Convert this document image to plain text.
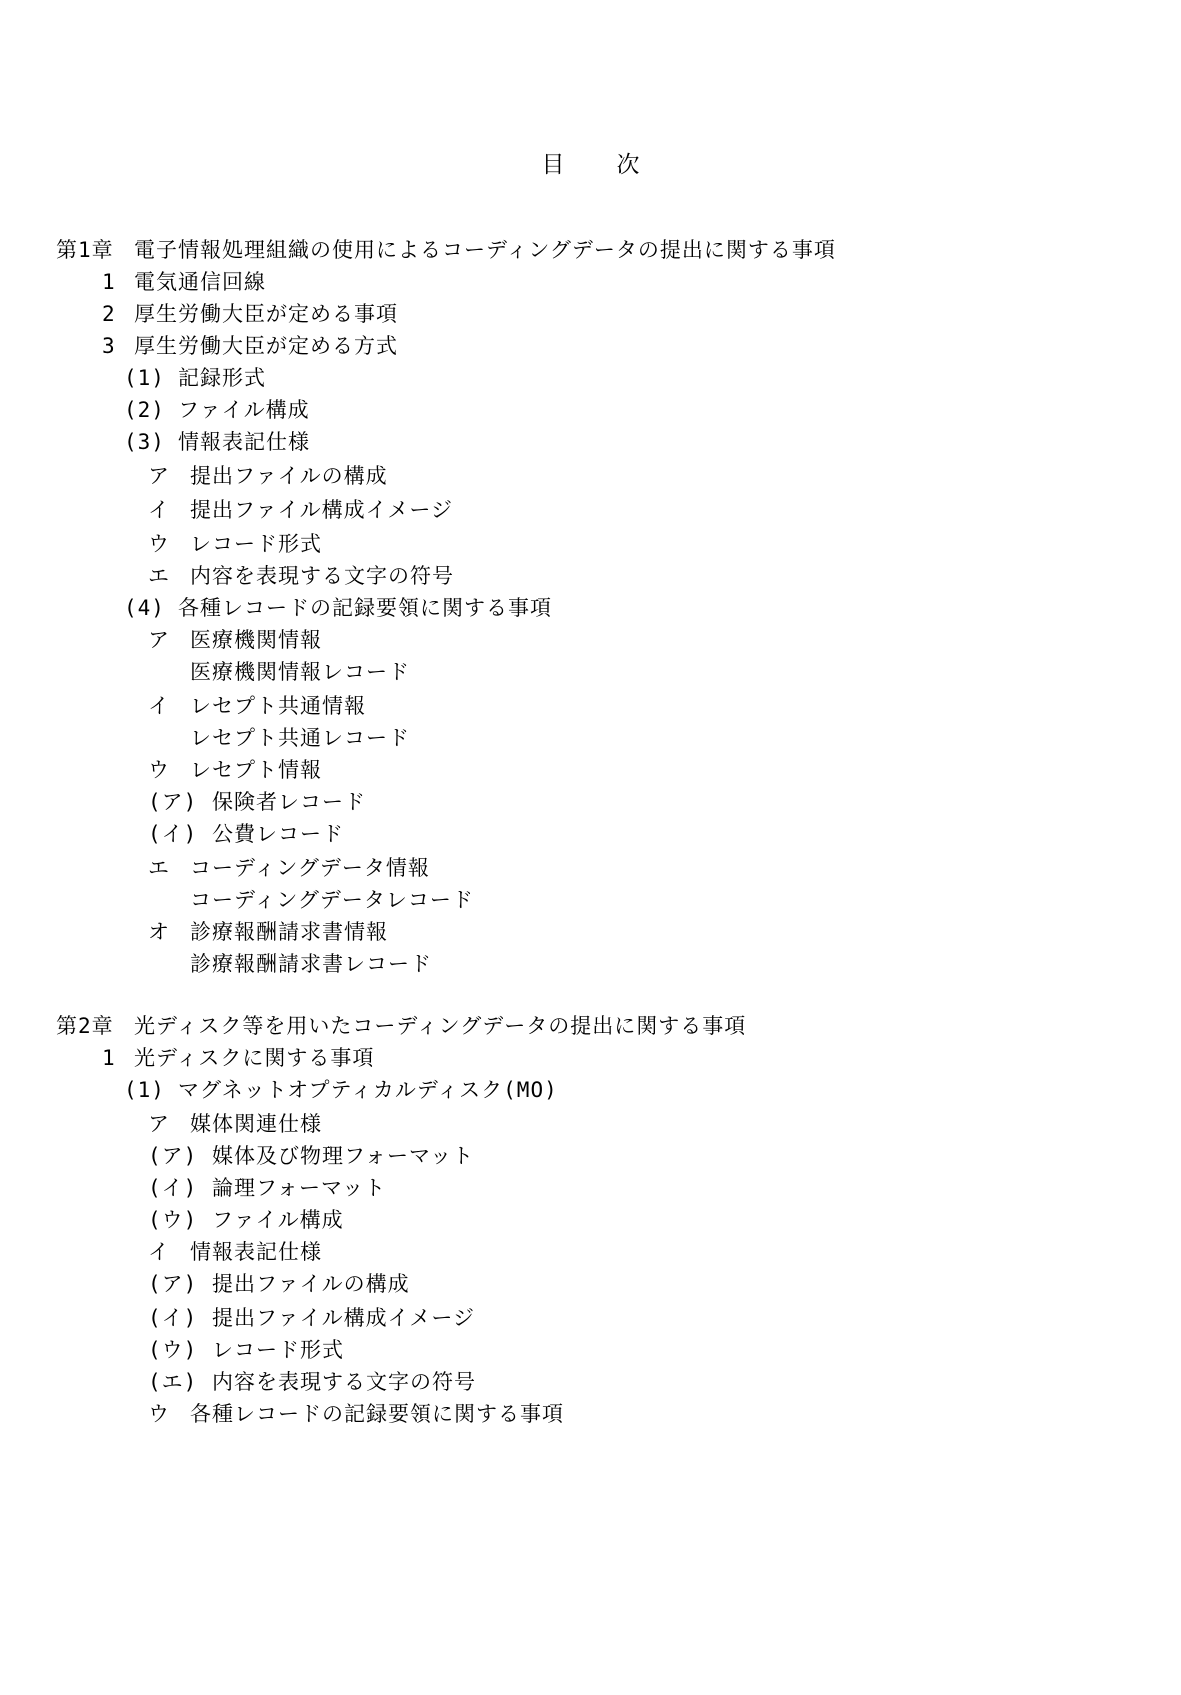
目 次
第1章 電子情報処理組織の使用によるコーディングデータの提出に関する事項
1 電気通信回線
2 厚生労働大臣が定める事項
3 厚生労働大臣が定める方式
(1) 記録形式
(2) ファイル構成
(3) 情報表記仕様
ア 提出ファイルの構成
イ 提出ファイル構成イメージ
ウ レコード形式
エ 内容を表現する文字の符号
(4) 各種レコードの記録要領に関する事項
ア 医療機関情報
医療機関情報レコード
イ レセプト共通情報
レセプト共通レコード
ウ レセプト情報
(ア) 保険者レコード
(イ) 公費レコード
エ コーディングデータ情報
コーディングデータレコード
オ 診療報酬請求書情報
診療報酬請求書レコード
第2章 光ディスク等を用いたコーディングデータの提出に関する事項
1 光ディスクに関する事項
(1) マグネットオプティカルディスク(MO)
ア 媒体関連仕様
(ア) 媒体及び物理フォーマット
(イ) 論理フォーマット
(ウ) ファイル構成
イ 情報表記仕様
(ア) 提出ファイルの構成
(イ) 提出ファイル構成イメージ
(ウ) レコード形式
(エ) 内容を表現する文字の符号
ウ 各種レコードの記録要領に関する事項
